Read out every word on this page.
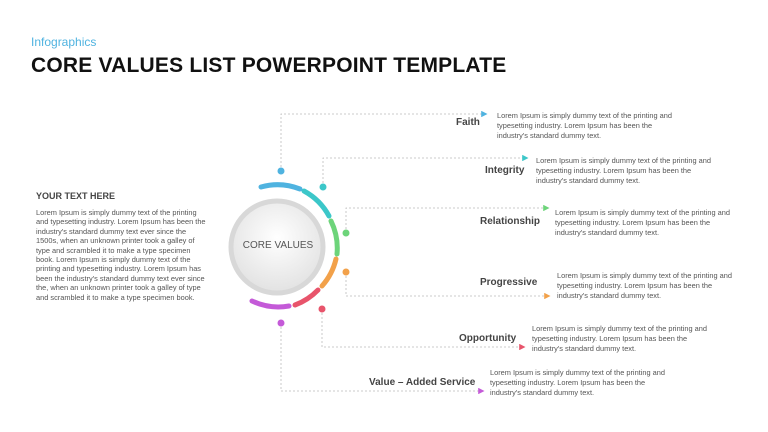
Infographics
CORE VALUES LIST POWERPOINT TEMPLATE
YOUR TEXT HERE
Lorem Ipsum is simply dummy text of the printing and typesetting industry. Lorem Ipsum has been the industry's standard dummy text ever since the 1500s, when an unknown printer took a galley of type and scrambled it to make a type specimen book. Lorem Ipsum is simply dummy text of the printing and typesetting industry. Lorem Ipsum has been the industry's standard dummy text ever since the, when an unknown printer took a galley of type and scrambled it to make a type specimen book.
CORE VALUES
Faith
Lorem Ipsum is simply dummy text of the printing and typesetting industry. Lorem Ipsum has been the industry's standard dummy text.
Integrity
Lorem Ipsum is simply dummy text of the printing and typesetting industry. Lorem Ipsum has been the industry's standard dummy text.
Relationship
Lorem Ipsum is simply dummy text of the printing and typesetting industry. Lorem Ipsum has been the industry's standard dummy text.
Progressive
Lorem Ipsum is simply dummy text of the printing and typesetting industry. Lorem Ipsum has been the industry's standard dummy text.
Opportunity
Lorem Ipsum is simply dummy text of the printing and typesetting industry. Lorem Ipsum has been the industry's standard dummy text.
Value – Added Service
Lorem Ipsum is simply dummy text of the printing and typesetting industry. Lorem Ipsum has been the industry's standard dummy text.
